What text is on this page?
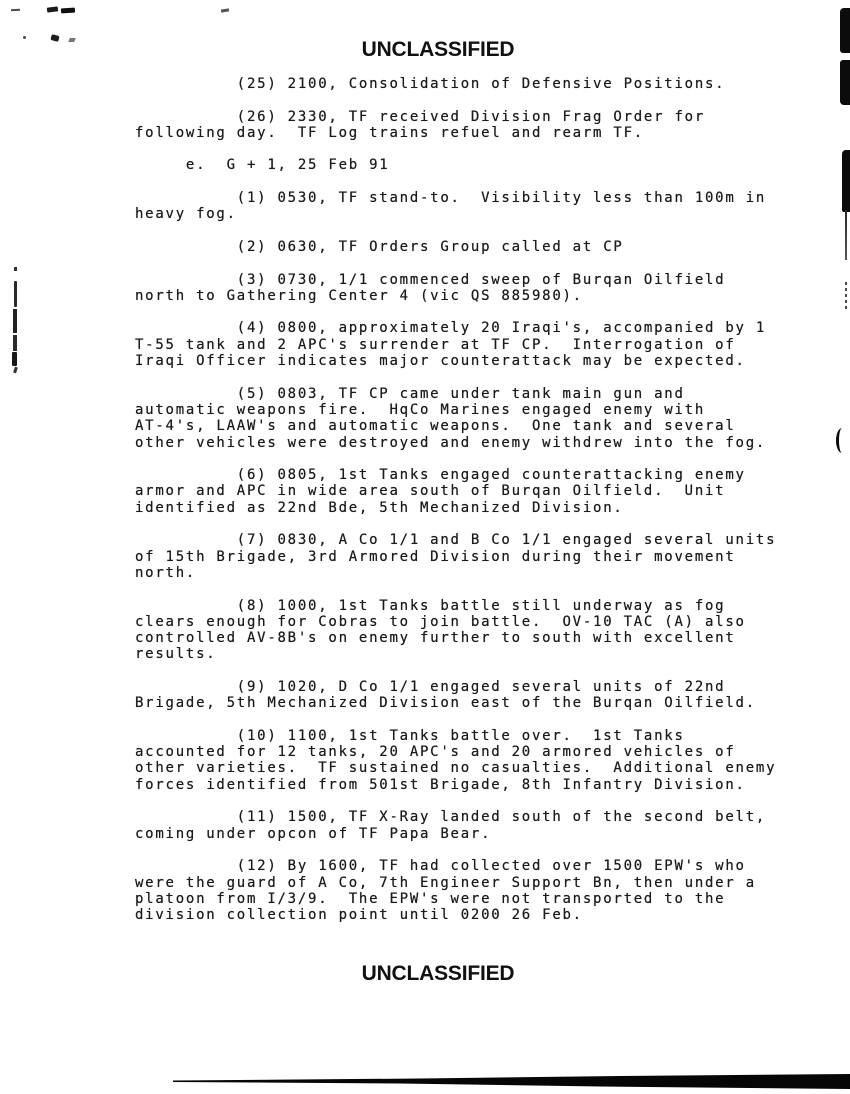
UNCLASSIFIED
(25) 2100, Consolidation of Defensive Positions.
(26) 2330, TF received Division Frag Order for
following day.  TF Log trains refuel and rearm TF.
e.  G + 1, 25 Feb 91
(1) 0530, TF stand-to.  Visibility less than 100m in
heavy fog.
(2) 0630, TF Orders Group called at CP
(3) 0730, 1/1 commenced sweep of Burqan Oilfield
north to Gathering Center 4 (vic QS 885980).
(4) 0800, approximately 20 Iraqi's, accompanied by 1
T-55 tank and 2 APC's surrender at TF CP.  Interrogation of
Iraqi Officer indicates major counterattack may be expected.
(5) 0803, TF CP came under tank main gun and
automatic weapons fire.  HqCo Marines engaged enemy with
AT-4's, LAAW's and automatic weapons.  One tank and several
other vehicles were destroyed and enemy withdrew into the fog.
(6) 0805, 1st Tanks engaged counterattacking enemy
armor and APC in wide area south of Burqan Oilfield.  Unit
identified as 22nd Bde, 5th Mechanized Division.
(7) 0830, A Co 1/1 and B Co 1/1 engaged several units
of 15th Brigade, 3rd Armored Division during their movement
north.
(8) 1000, 1st Tanks battle still underway as fog
clears enough for Cobras to join battle.  OV-10 TAC (A) also
controlled AV-8B's on enemy further to south with excellent
results.
(9) 1020, D Co 1/1 engaged several units of 22nd
Brigade, 5th Mechanized Division east of the Burqan Oilfield.
(10) 1100, 1st Tanks battle over.  1st Tanks
accounted for 12 tanks, 20 APC's and 20 armored vehicles of
other varieties.  TF sustained no casualties.  Additional enemy
forces identified from 501st Brigade, 8th Infantry Division.
(11) 1500, TF X-Ray landed south of the second belt,
coming under opcon of TF Papa Bear.
(12) By 1600, TF had collected over 1500 EPW's who
were the guard of A Co, 7th Engineer Support Bn, then under a
platoon from I/3/9.  The EPW's were not transported to the
division collection point until 0200 26 Feb.
UNCLASSIFIED
